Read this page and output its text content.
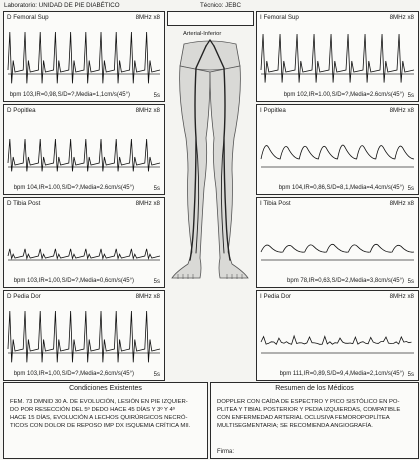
Laboratorio: UNIDAD DE PIE DIABÉTICO	Técnico: JEBC
Arterial-Inferior
D Femoral Sup	8MHz x8
bpm 103,IR=0,98,S/D=?,Media=1,1cm/s(45°)	5s
I Femoral Sup	8MHz x8
bpm 102,IR=1.00,S/D=?,Media=2.6cm/s(45°) 5s
D Popitlea	8MHz x8
bpm 104,IR=1.00,S/D=?,Media=2.6cm/s(45°)	5s
I Popitlea	8MHz x8
bpm 104,IR=0,86,S/D=8,1,Media=4,4cm/s(45°) 5s
D Tibia Post	8MHz x8
bpm 103,IR=1,00,S/D=?,Media=0,6cm/s(45°)	5s
I Tibia Post	8MHz x8
bpm 78,IR=0,63,S/D=2,Media=3,8cm/s(45°) 5s
D Pedia Dor	8MHz x8
bpm 103,IR=1,00,S/D=?,Media=2,6cm/s(45°)	5s
I Pedia Dor	8MHz x8
bpm 111,IR=0,89,S/D=9,4,Media=2,1cm/s(45°) 5s
Condiciones Existentes
FEM. 73 DMNID 30 A. DE EVOLUCIÓN, LESIÓN EN PIE IZQUIER-
DO POR RESECCIÓN DEL 5º DEDO HACE 45 DÍAS Y 3º Y 4º
HACE 15 DÍAS, EVOLUCIÓN A LECHOS QUIRÚRGICOS NECRÓ-
TICOS CON DOLOR DE REPOSO IMP DX ISQUEMIA CRÍTICA MII.
Resumen de los Médicos
DOPPLER CON CAÍDA DE ESPECTRO Y PICO SISTÓLICO EN PO-
PLITEA Y TIBIAL POSTERIOR Y PEDIA IZQUIERDAS, COMPATIBLE
CON ENFERMEDAD ARTERIAL OCLUSIVA FEMOROPOPLÍTEA
MULTISEGMENTARIA; SE RECOMIENDA ANGIOGRAFÍA.
Firma:
